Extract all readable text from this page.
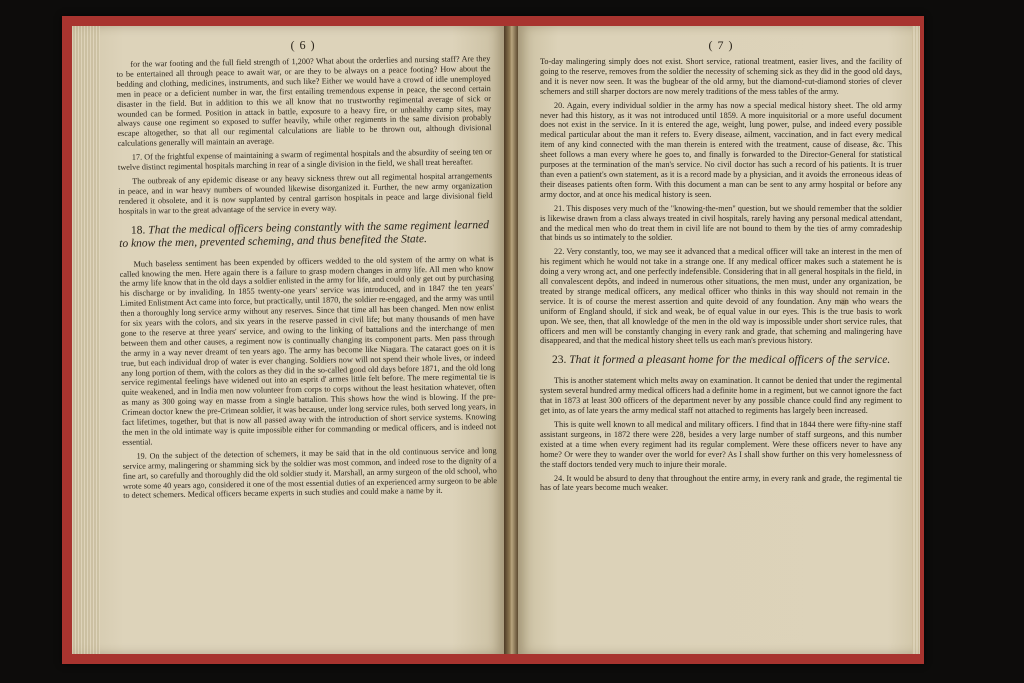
( 6 )

for the war footing and the full field strength of 1,200? What about the orderlies and nursing staff? Are they to be entertained all through peace to await war, or are they to be always on a peace footing? How about the bedding and clothing, medicines, instruments, and such like? Either we would have a crowd of idle unemployed men in peace or a deficient number in war, the first entailing tremendous expense in peace, the second certain disaster in the field. But in addition to this we all know that no trustworthy regimental average of sick or wounded can be formed. Position in attack in battle, exposure to a heavy fire, or unhealthy camp sites, may always cause one regiment so exposed to suffer heavily, while other regiments in the same division probably escape altogether, so that all our regimental calculations are liable to be thrown out, although divisional calculations generally will maintain an average.

17. Of the frightful expense of maintaining a swarm of regimental hospitals and the absurdity of seeing ten or twelve distinct regimental hospitals marching in rear of a single division in the field, we shall treat hereafter.

The outbreak of any epidemic disease or any heavy sickness threw out all regimental hospital arrangements in peace, and in war heavy numbers of wounded likewise disorganized it. Further, the new army organization rendered it obsolete, and it is now supplanted by central garrison hospitals in peace and large divisional field hospitals in war to the great advantage of the service in every way.

18. That the medical officers being constantly with the same regiment learned to know the men, prevented scheming, and thus benefited the State.

Much baseless sentiment has been expended by officers wedded to the old system of the army on what is called knowing the men. Here again there is a failure to grasp modern changes in army life. All men who know the army life know that in the old days a soldier enlisted in the army for life, and could only get out by purchasing his discharge or by invaliding. In 1855 twenty-one years' service was introduced, and in 1847 the ten years' Limited Enlistment Act came into force, but practically, until 1870, the soldier re-engaged, and the army was until then a thoroughly long service army without any reserves. Since that time all has been changed. Men now enlist for six years with the colors, and six years in the reserve passed in civil life; but many thousands of men have gone to the reserve at three years' service, and owing to the linking of battalions and the interchange of men between them and other causes, a regiment now is continually changing its component parts. Men pass through the army in a way never dreamt of ten years ago. The army has become like Niagara. The cataract goes on it is true, but each individual drop of water is ever changing. Soldiers now will not spend their whole lives, or indeed any long portion of them, with the colors as they did in the so-called good old days before 1871, and the old long service regimental feelings have widened out into an esprit d' armes little felt before. The mere regimental tie is quite weakened, and in India men now volunteer from corps to corps without the least hesitation whatever, often as many as 300 going way en masse from a single battalion. This shows how the wind is blowing. If the pre-Crimean doctor knew the pre-Crimean soldier, it was because, under long service rules, both served long years, in fact lifetimes, together, but that is now all passed away with the introduction of short service systems. Knowing the men in the old intimate way is quite impossible either for commanding or medical officers, and is indeed not essential.

19. On the subject of the detection of schemers, it may be said that in the old continuous service and long service army, malingering or shamming sick by the soldier was most common, and indeed rose to the dignity of a fine art, so carefully and thoroughly did the old soldier study it. Marshall, an army surgeon of the old school, who wrote some 40 years ago, considered it one of the most essential duties of an experienced army surgeon to be able to detect schemers. Medical officers became experts in such studies and could make a name by it.

( 7 )

To-day malingering simply does not exist. Short service, rational treatment, easier lives, and the facility of going to the reserve, removes from the soldier the necessity of scheming sick as they did in the good old days, and it is never now seen. It was the bugbear of the old army, but the diamond-cut-diamond stories of clever schemers and still sharper doctors are now merely traditions of the mess tables of the army.

20. Again, every individual soldier in the army has now a special medical history sheet. The old army never had this history, as it was not introduced until 1859. A more inquisitorial or a more useful document does not exist in the service. In it is entered the age, weight, lung power, pulse, and indeed every possible medical particular about the man it refers to. Every disease, ailment, vaccination, and in fact every medical item of any kind connected with the man therein is entered with the treatment, cause of disease, &c. This sheet follows a man every where he goes to, and finally is forwarded to the Director-General for statistical purposes at the termination of the man's service. No civil doctor has such a record of his patients. It is truer than even a patient's own statement, as it is a record made by a physician, and it avoids the erroneous ideas of their diseases patients often form. With this document a man can be sent to any army hospital or before any army doctor, and at once his medical history is seen.

21. This disposes very much of the "knowing-the-men" question, but we should remember that the soldier is likewise drawn from a class always treated in civil hospitals, rarely having any personal medical attendant, and the medical men who do treat them in civil life are not bound to them by the ties of army comradeship that binds us so intimately to the soldier.

22. Very constantly, too, we may see it advanced that a medical officer will take an interest in the men of his regiment which he would not take in a strange one. If any medical officer makes such a statement he is doing a very wrong act, and one perfectly indefensible. Considering that in all general hospitals in the field, in all convalescent depôts, and indeed in numerous other situations, the men must, under any organization, be treated by strange medical officers, any medical officer who thinks in this way should not remain in the service. It is of course the merest assertion and quite devoid of any foundation. Any man who wears the uniform of England should, if sick and weak, be of equal value in our eyes. This is the true basis to work upon. We see, then, that all knowledge of the men in the old way is impossible under short service rules, that officers and men will be constantly changing in every rank and grade, that scheming and malingering have disappeared, and that the medical history sheet tells us each man's previous history.

23. That it formed a pleasant home for the medical officers of the service.

This is another statement which melts away on examination. It cannot be denied that under the regimental system several hundred army medical officers had a definite home in a regiment, but we cannot ignore the fact that in 1873 at least 300 officers of the department never by any possible chance could find any regiment to get into, as of late years the army medical staff not attached to regiments has largely been increased.

This is quite well known to all medical and military officers. I find that in 1844 there were fifty-nine staff assistant surgeons, in 1872 there were 228, besides a very large number of staff surgeons, and this number existed at a time when every regiment had its regular complement. Were these officers never to have any home? Or were they to wander over the world for ever? As I shall show further on this very homelessness of the staff doctors tended very much to injure their morale.

24. It would be absurd to deny that throughout the entire army, in every rank and grade, the regimental tie has of late years become much weaker.
